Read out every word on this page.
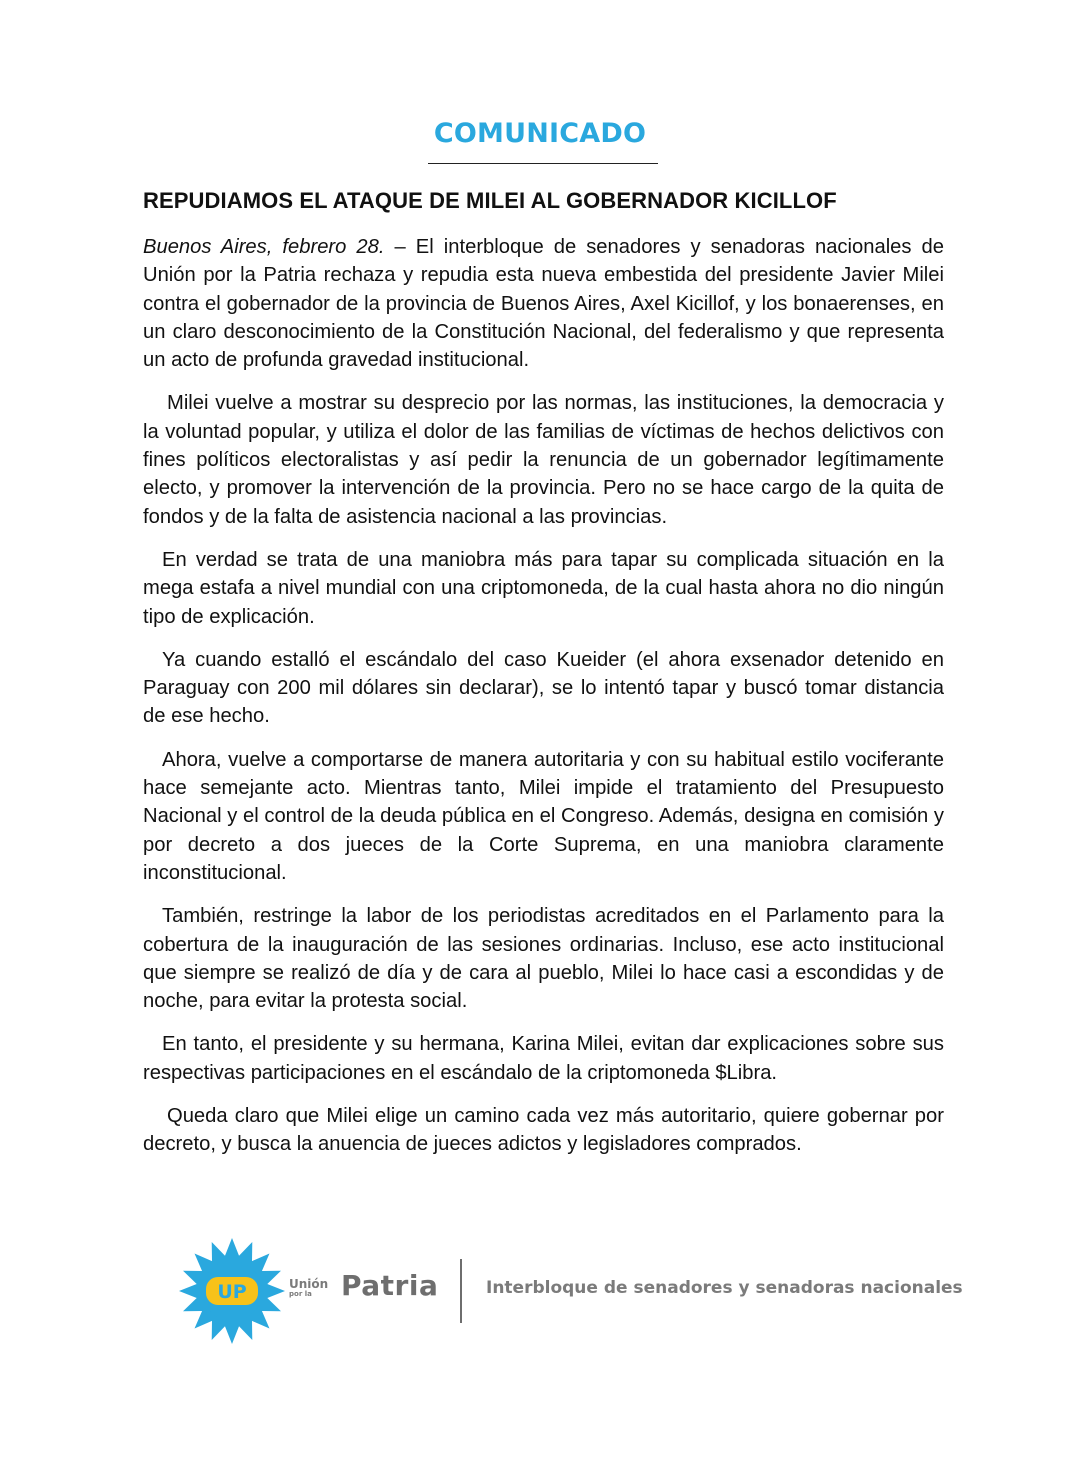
COMUNICADO
REPUDIAMOS EL ATAQUE DE MILEI AL GOBERNADOR KICILLOF

Buenos Aires, febrero 28. – El interbloque de senadores y senadoras nacionales de Unión por la Patria rechaza y repudia esta nueva embestida del presidente Javier Milei contra el gobernador de la provincia de Buenos Aires, Axel Kicillof, y los bonaerenses, en un claro desconocimiento de la Constitución Nacional, del federalismo y que representa un acto de profunda gravedad institucional.

Milei vuelve a mostrar su desprecio por las normas, las instituciones, la democracia y la voluntad popular, y utiliza el dolor de las familias de víctimas de hechos delictivos con fines políticos electoralistas y así pedir la renuncia de un gobernador legítimamente electo, y promover la intervención de la provincia. Pero no se hace cargo de la quita de fondos y de la falta de asistencia nacional a las provincias.

En verdad se trata de una maniobra más para tapar su complicada situación en la mega estafa a nivel mundial con una criptomoneda, de la cual hasta ahora no dio ningún tipo de explicación.

Ya cuando estalló el escándalo del caso Kueider (el ahora exsenador detenido en Paraguay con 200 mil dólares sin declarar), se lo intentó tapar y buscó tomar distancia de ese hecho.

Ahora, vuelve a comportarse de manera autoritaria y con su habitual estilo vociferante hace semejante acto. Mientras tanto, Milei impide el tratamiento del Presupuesto Nacional y el control de la deuda pública en el Congreso. Además, designa en comisión y por decreto a dos jueces de la Corte Suprema, en una maniobra claramente inconstitucional.

También, restringe la labor de los periodistas acreditados en el Parlamento para la cobertura de la inauguración de las sesiones ordinarias. Incluso, ese acto institucional que siempre se realizó de día y de cara al pueblo, Milei lo hace casi a escondidas y de noche, para evitar la protesta social.

En tanto, el presidente y su hermana, Karina Milei, evitan dar explicaciones sobre sus respectivas participaciones en el escándalo de la criptomoneda $Libra.

Queda claro que Milei elige un camino cada vez más autoritario, quiere gobernar por decreto, y busca la anuencia de jueces adictos y legisladores comprados.

UP	Unión
por la	Patria	Interbloque de senadores y senadoras nacionales
